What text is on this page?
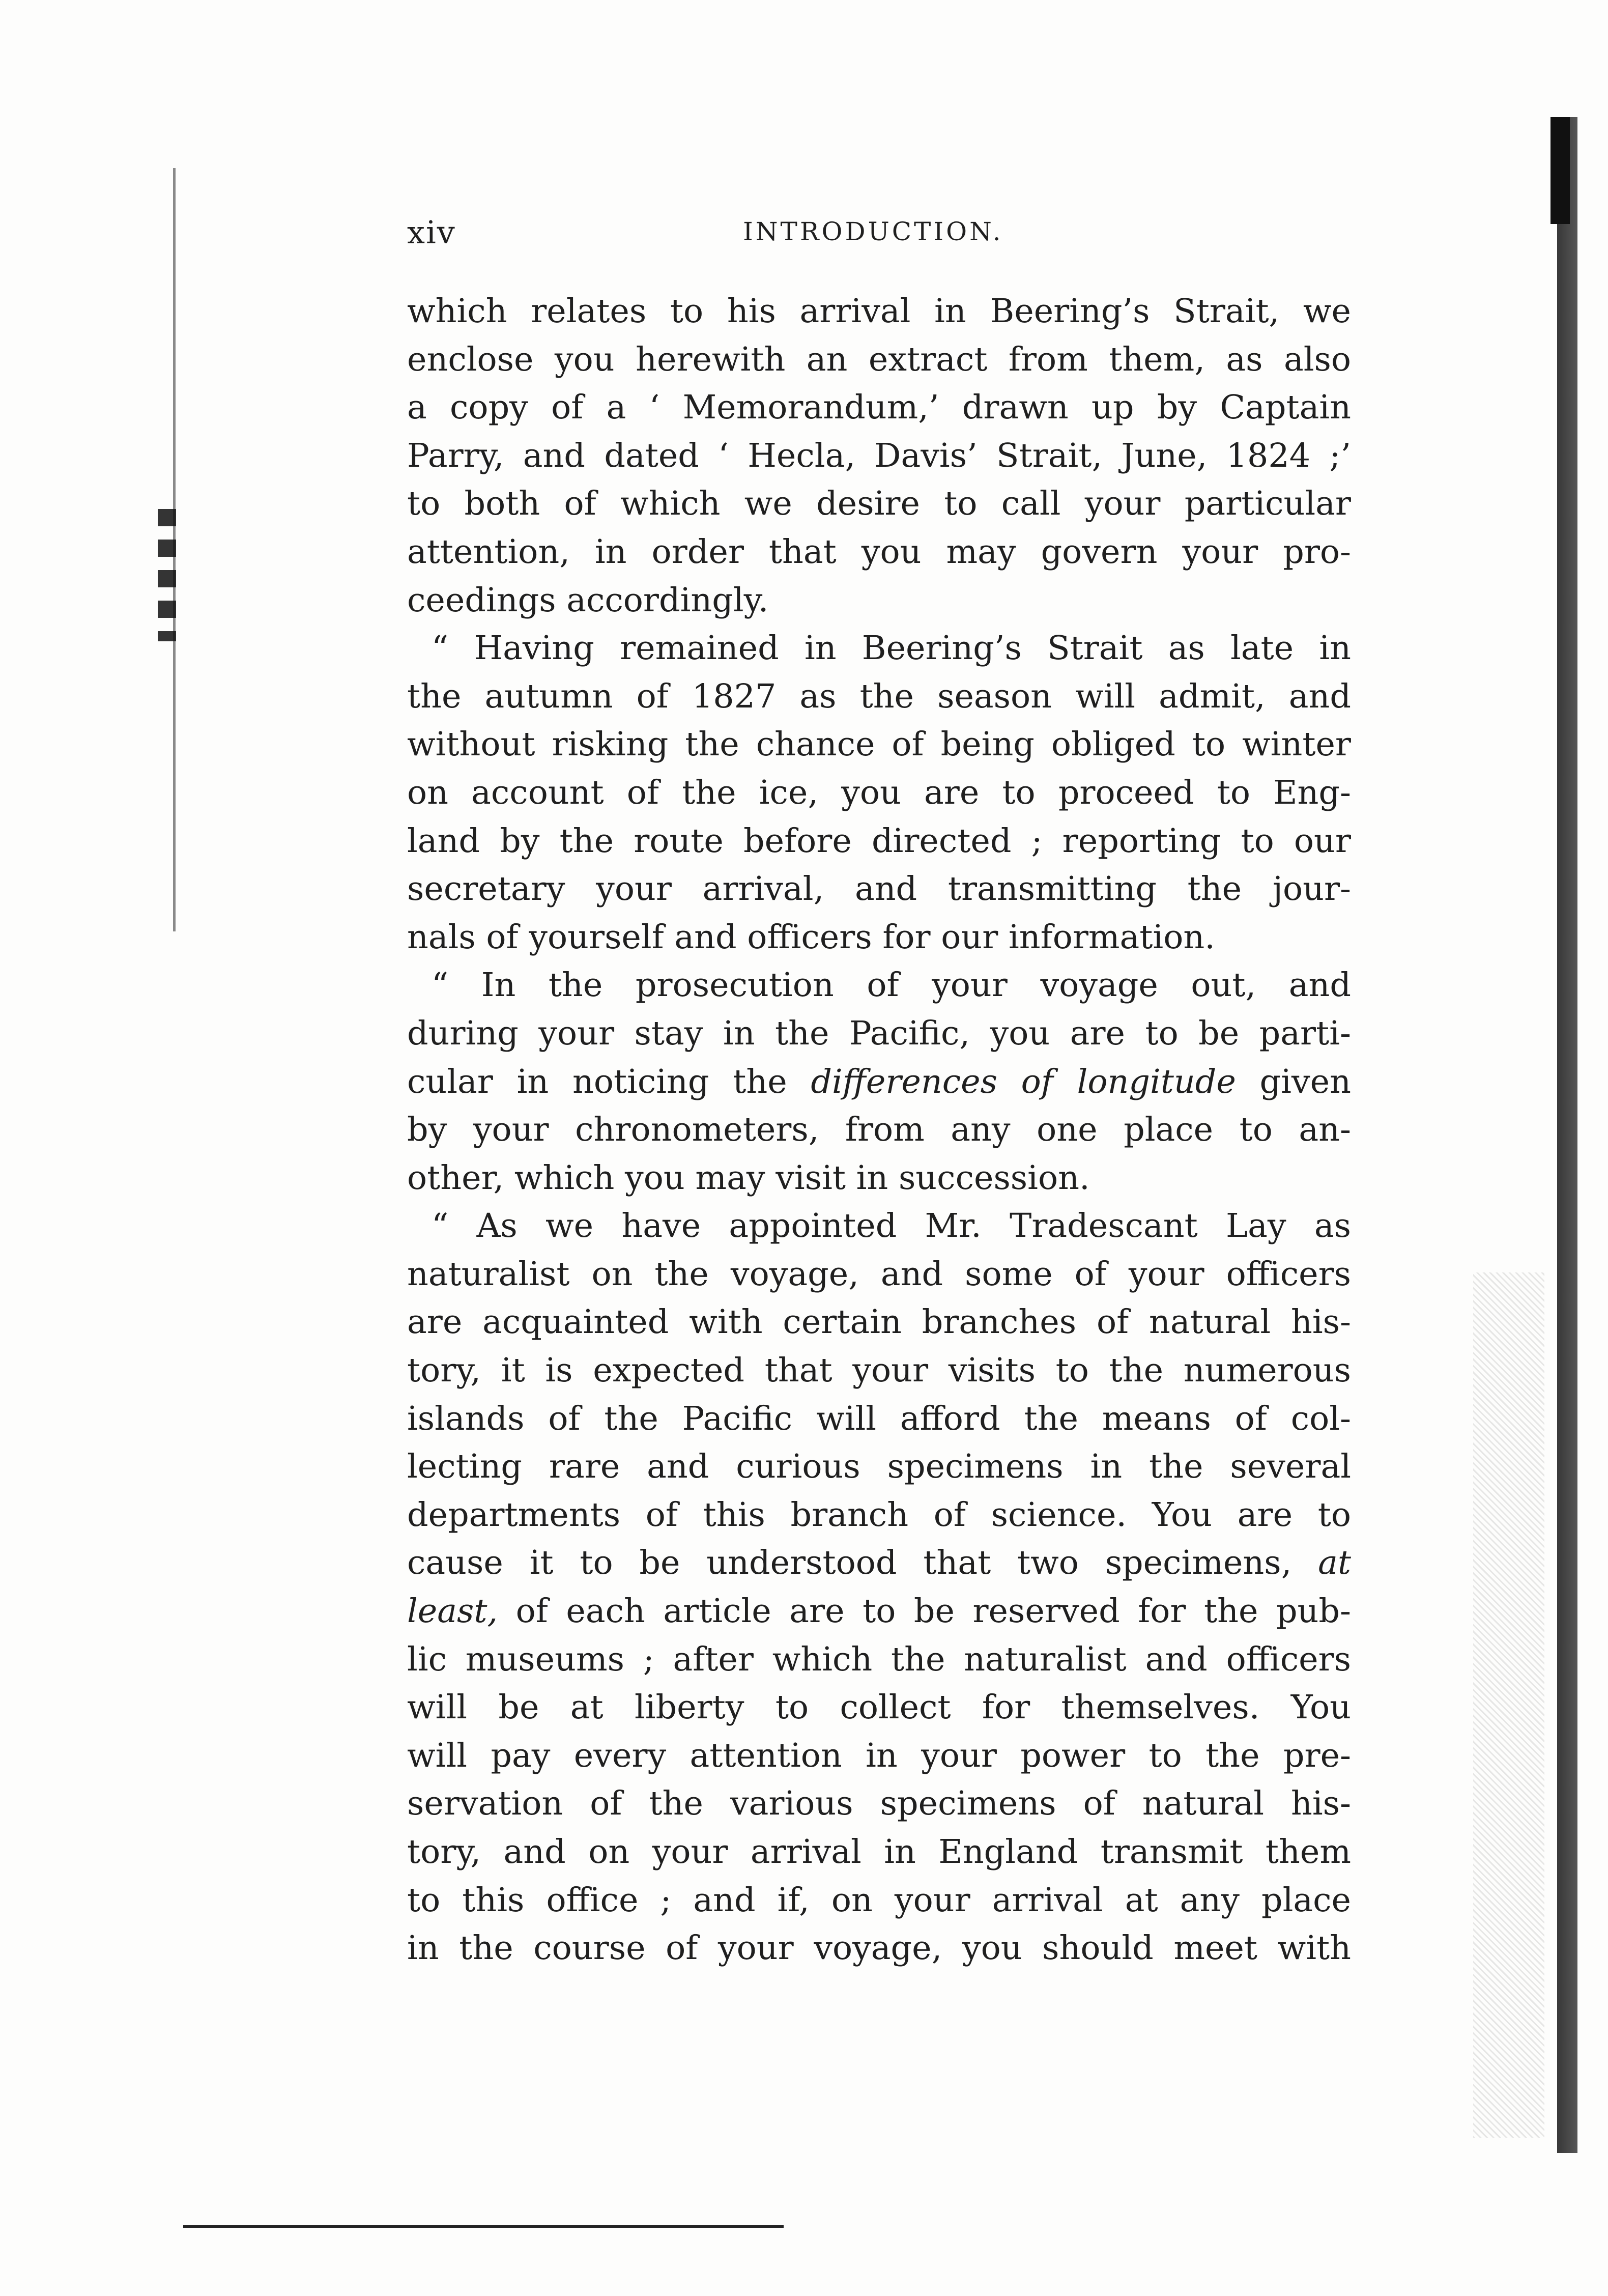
xiv	INTRODUCTION.
which relates to his arrival in Beering’s Strait, we
enclose you herewith an extract from them, as also
a copy of a ‘ Memorandum,’ drawn up by Captain
Parry, and dated ‘ Hecla, Davis’ Strait, June, 1824 ;’
to both of which we desire to call your particular
attention, in order that you may govern your pro-
ceedings accordingly.
“ Having remained in Beering’s Strait as late in
the autumn of 1827 as the season will admit, and
without risking the chance of being obliged to winter
on account of the ice, you are to proceed to Eng-
land by the route before directed ; reporting to our
secretary your arrival, and transmitting the jour-
nals of yourself and officers for our information.
“ In the prosecution of your voyage out, and
during your stay in the Pacific, you are to be parti-
cular in noticing the differences of longitude given
by your chronometers, from any one place to an-
other, which you may visit in succession.
“ As we have appointed Mr. Tradescant Lay as
naturalist on the voyage, and some of your officers
are acquainted with certain branches of natural his-
tory, it is expected that your visits to the numerous
islands of the Pacific will afford the means of col-
lecting rare and curious specimens in the several
departments of this branch of science. You are to
cause it to be understood that two specimens, at
least, of each article are to be reserved for the pub-
lic museums ; after which the naturalist and officers
will be at liberty to collect for themselves. You
will pay every attention in your power to the pre-
servation of the various specimens of natural his-
tory, and on your arrival in England transmit them
to this office ; and if, on your arrival at any place
in the course of your voyage, you should meet with
